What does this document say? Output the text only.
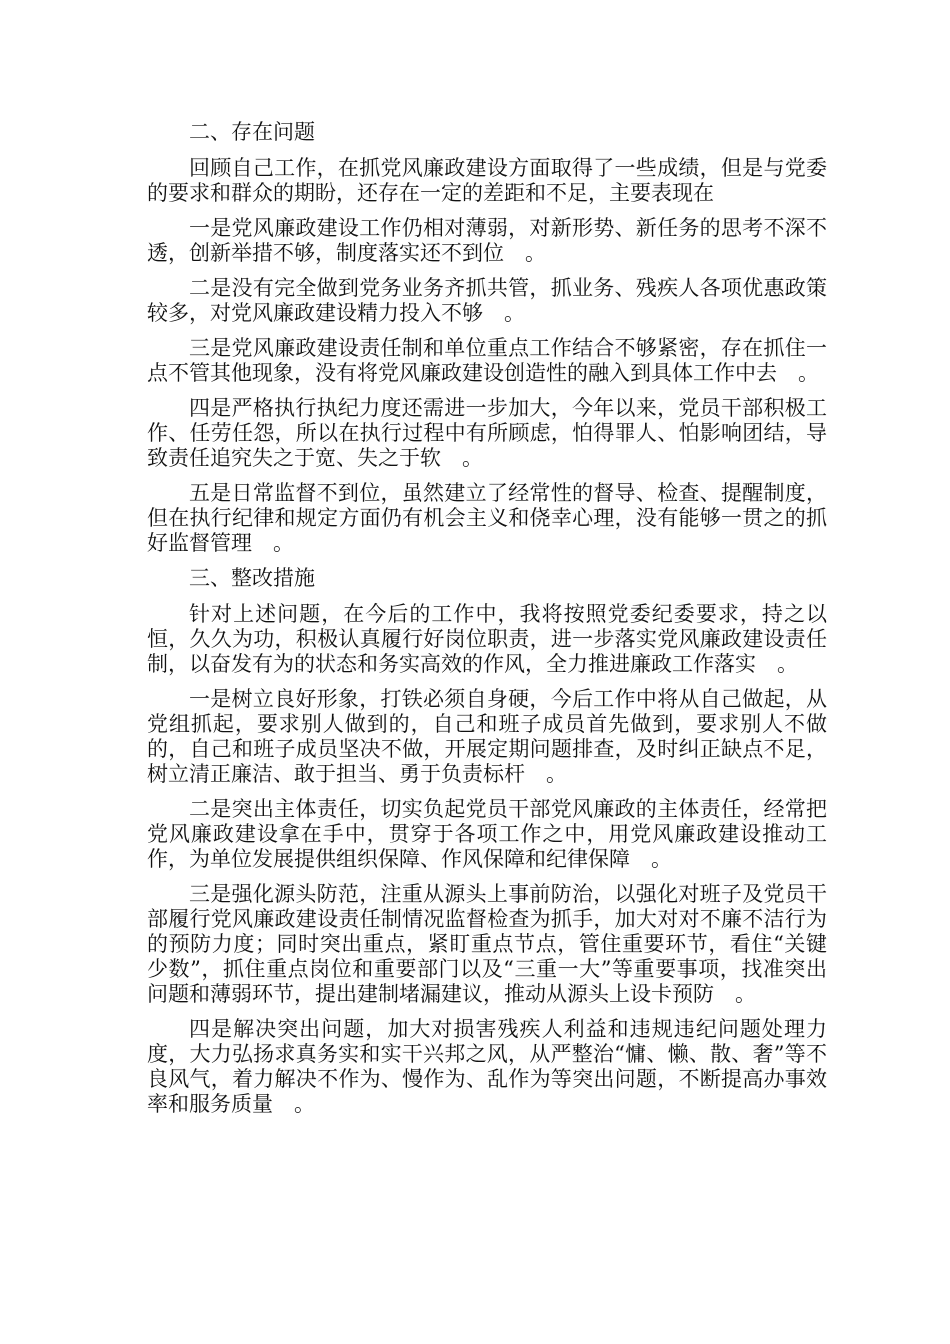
二、存在问题

回顾自己工作，在抓党风廉政建设方面取得了一些成绩，但是与党委的要求和群众的期盼，还存在一定的差距和不足，主要表现在

一是党风廉政建设工作仍相对薄弱，对新形势、新任务的思考不深不透，创新举措不够，制度落实还不到位　。

二是没有完全做到党务业务齐抓共管，抓业务、残疾人各项优惠政策较多，对党风廉政建设精力投入不够　。

三是党风廉政建设责任制和单位重点工作结合不够紧密，存在抓住一点不管其他现象，没有将党风廉政建设创造性的融入到具体工作中去　。

四是严格执行执纪力度还需进一步加大，今年以来，党员干部积极工作、任劳任怨，所以在执行过程中有所顾虑，怕得罪人、怕影响团结，导致责任追究失之于宽、失之于软　。

五是日常监督不到位，虽然建立了经常性的督导、检查、提醒制度，但在执行纪律和规定方面仍有机会主义和侥幸心理，没有能够一贯之的抓好监督管理　。

三、整改措施

针对上述问题，在今后的工作中，我将按照党委纪委要求，持之以恒，久久为功，积极认真履行好岗位职责，进一步落实党风廉政建设责任制，以奋发有为的状态和务实高效的作风，全力推进廉政工作落实　。

一是树立良好形象，打铁必须自身硬，今后工作中将从自己做起，从党组抓起，要求别人做到的，自己和班子成员首先做到，要求别人不做的，自己和班子成员坚决不做，开展定期问题排查，及时纠正缺点不足，树立清正廉洁、敢于担当、勇于负责标杆　。

二是突出主体责任，切实负起党员干部党风廉政的主体责任，经常把党风廉政建设拿在手中，贯穿于各项工作之中，用党风廉政建设推动工作，为单位发展提供组织保障、作风保障和纪律保障　。

三是强化源头防范，注重从源头上事前防治，以强化对班子及党员干部履行党风廉政建设责任制情况监督检查为抓手，加大对对不廉不洁行为的预防力度；同时突出重点，紧盯重点节点，管住重要环节，看住“关键少数”，抓住重点岗位和重要部门以及“三重一大”等重要事项，找准突出问题和薄弱环节，提出建制堵漏建议，推动从源头上设卡预防　。

四是解决突出问题，加大对损害残疾人利益和违规违纪问题处理力度，大力弘扬求真务实和实干兴邦之风，从严整治“慵、懒、散、奢”等不良风气，着力解决不作为、慢作为、乱作为等突出问题，不断提高办事效率和服务质量　。
